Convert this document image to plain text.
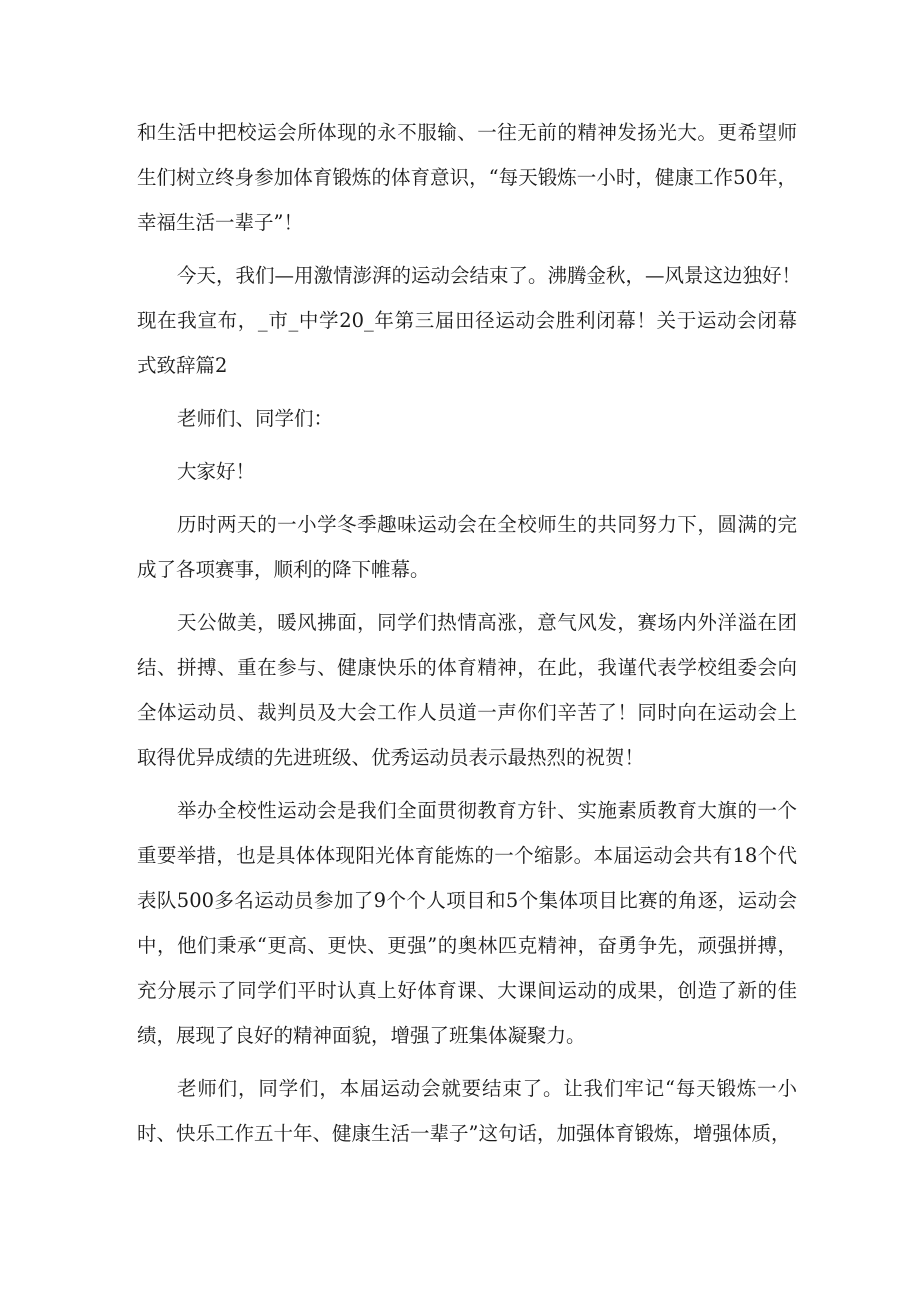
和生活中把校运会所体现的永不服输、一往无前的精神发扬光大。更希望师
生们树立终身参加体育锻炼的体育意识，“每天锻炼一小时，健康工作50年，
幸福生活一辈子”！
今天，我们—用激情澎湃的运动会结束了。沸腾金秋，—风景这边独好！
现在我宣布，_市_中学20_年第三届田径运动会胜利闭幕！关于运动会闭幕
式致辞篇2
老师们、同学们：
大家好！
历时两天的一小学冬季趣味运动会在全校师生的共同努力下，圆满的完
成了各项赛事，顺利的降下帷幕。
天公做美，暖风拂面，同学们热情高涨，意气风发，赛场内外洋溢在团
结、拼搏、重在参与、健康快乐的体育精神，在此，我谨代表学校组委会向
全体运动员、裁判员及大会工作人员道一声你们辛苦了！同时向在运动会上
取得优异成绩的先进班级、优秀运动员表示最热烈的祝贺！
举办全校性运动会是我们全面贯彻教育方针、实施素质教育大旗的一个
重要举措，也是具体体现阳光体育能炼的一个缩影。本届运动会共有18个代
表队500多名运动员参加了9个个人项目和5个集体项目比赛的角逐，运动会
中，他们秉承“更高、更快、更强”的奥林匹克精神，奋勇争先，顽强拼搏，
充分展示了同学们平时认真上好体育课、大课间运动的成果，创造了新的佳
绩，展现了良好的精神面貌，增强了班集体凝聚力。
老师们，同学们，本届运动会就要结束了。让我们牢记“每天锻炼一小
时、快乐工作五十年、健康生活一辈子”这句话，加强体育锻炼，增强体质，
